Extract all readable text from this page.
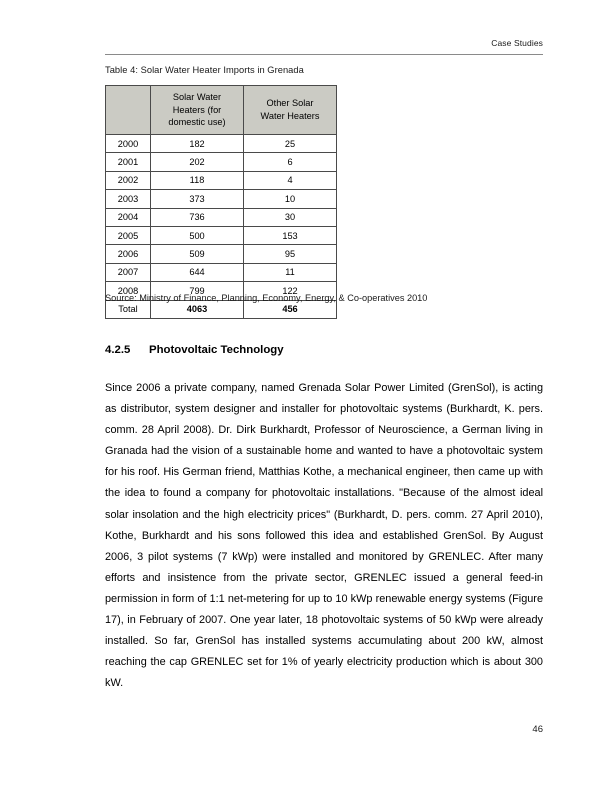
Case Studies
Table 4: Solar Water Heater Imports in Grenada
	Solar Water
Heaters (for
domestic use)	Other Solar
Water Heaters
2000	182	25
2001	202	6
2002	118	4
2003	373	10
2004	736	30
2005	500	153
2006	509	95
2007	644	11
2008	799	122
Total	4063	456
Source: Ministry of Finance, Planning, Economy, Energy, & Co-operatives 2010
4.2.5 Photovoltaic Technology

Since 2006 a private company, named Grenada Solar Power Limited (GrenSol), is acting as distributor, system designer and installer for photovoltaic systems (Burkhardt, K. pers. comm. 28 April 2008). Dr. Dirk Burkhardt, Professor of Neuroscience, a German living in Granada had the vision of a sustainable home and wanted to have a photovoltaic system for his roof. His German friend, Matthias Kothe, a mechanical engineer, then came up with the idea to found a company for photovoltaic installations. "Because of the almost ideal solar insolation and the high electricity prices" (Burkhardt, D. pers. comm. 27 April 2010), Kothe, Burkhardt and his sons followed this idea and established GrenSol. By August 2006, 3 pilot systems (7 kWp) were installed and monitored by GRENLEC. After many efforts and insistence from the private sector, GRENLEC issued a general feed-in permission in form of 1:1 net-metering for up to 10 kWp renewable energy systems (Figure 17), in February of 2007. One year later, 18 photovoltaic systems of 50 kWp were already installed. So far, GrenSol has installed systems accumulating about 200 kW, almost reaching the cap GRENLEC set for 1% of yearly electricity production which is about 300 kW.

46
